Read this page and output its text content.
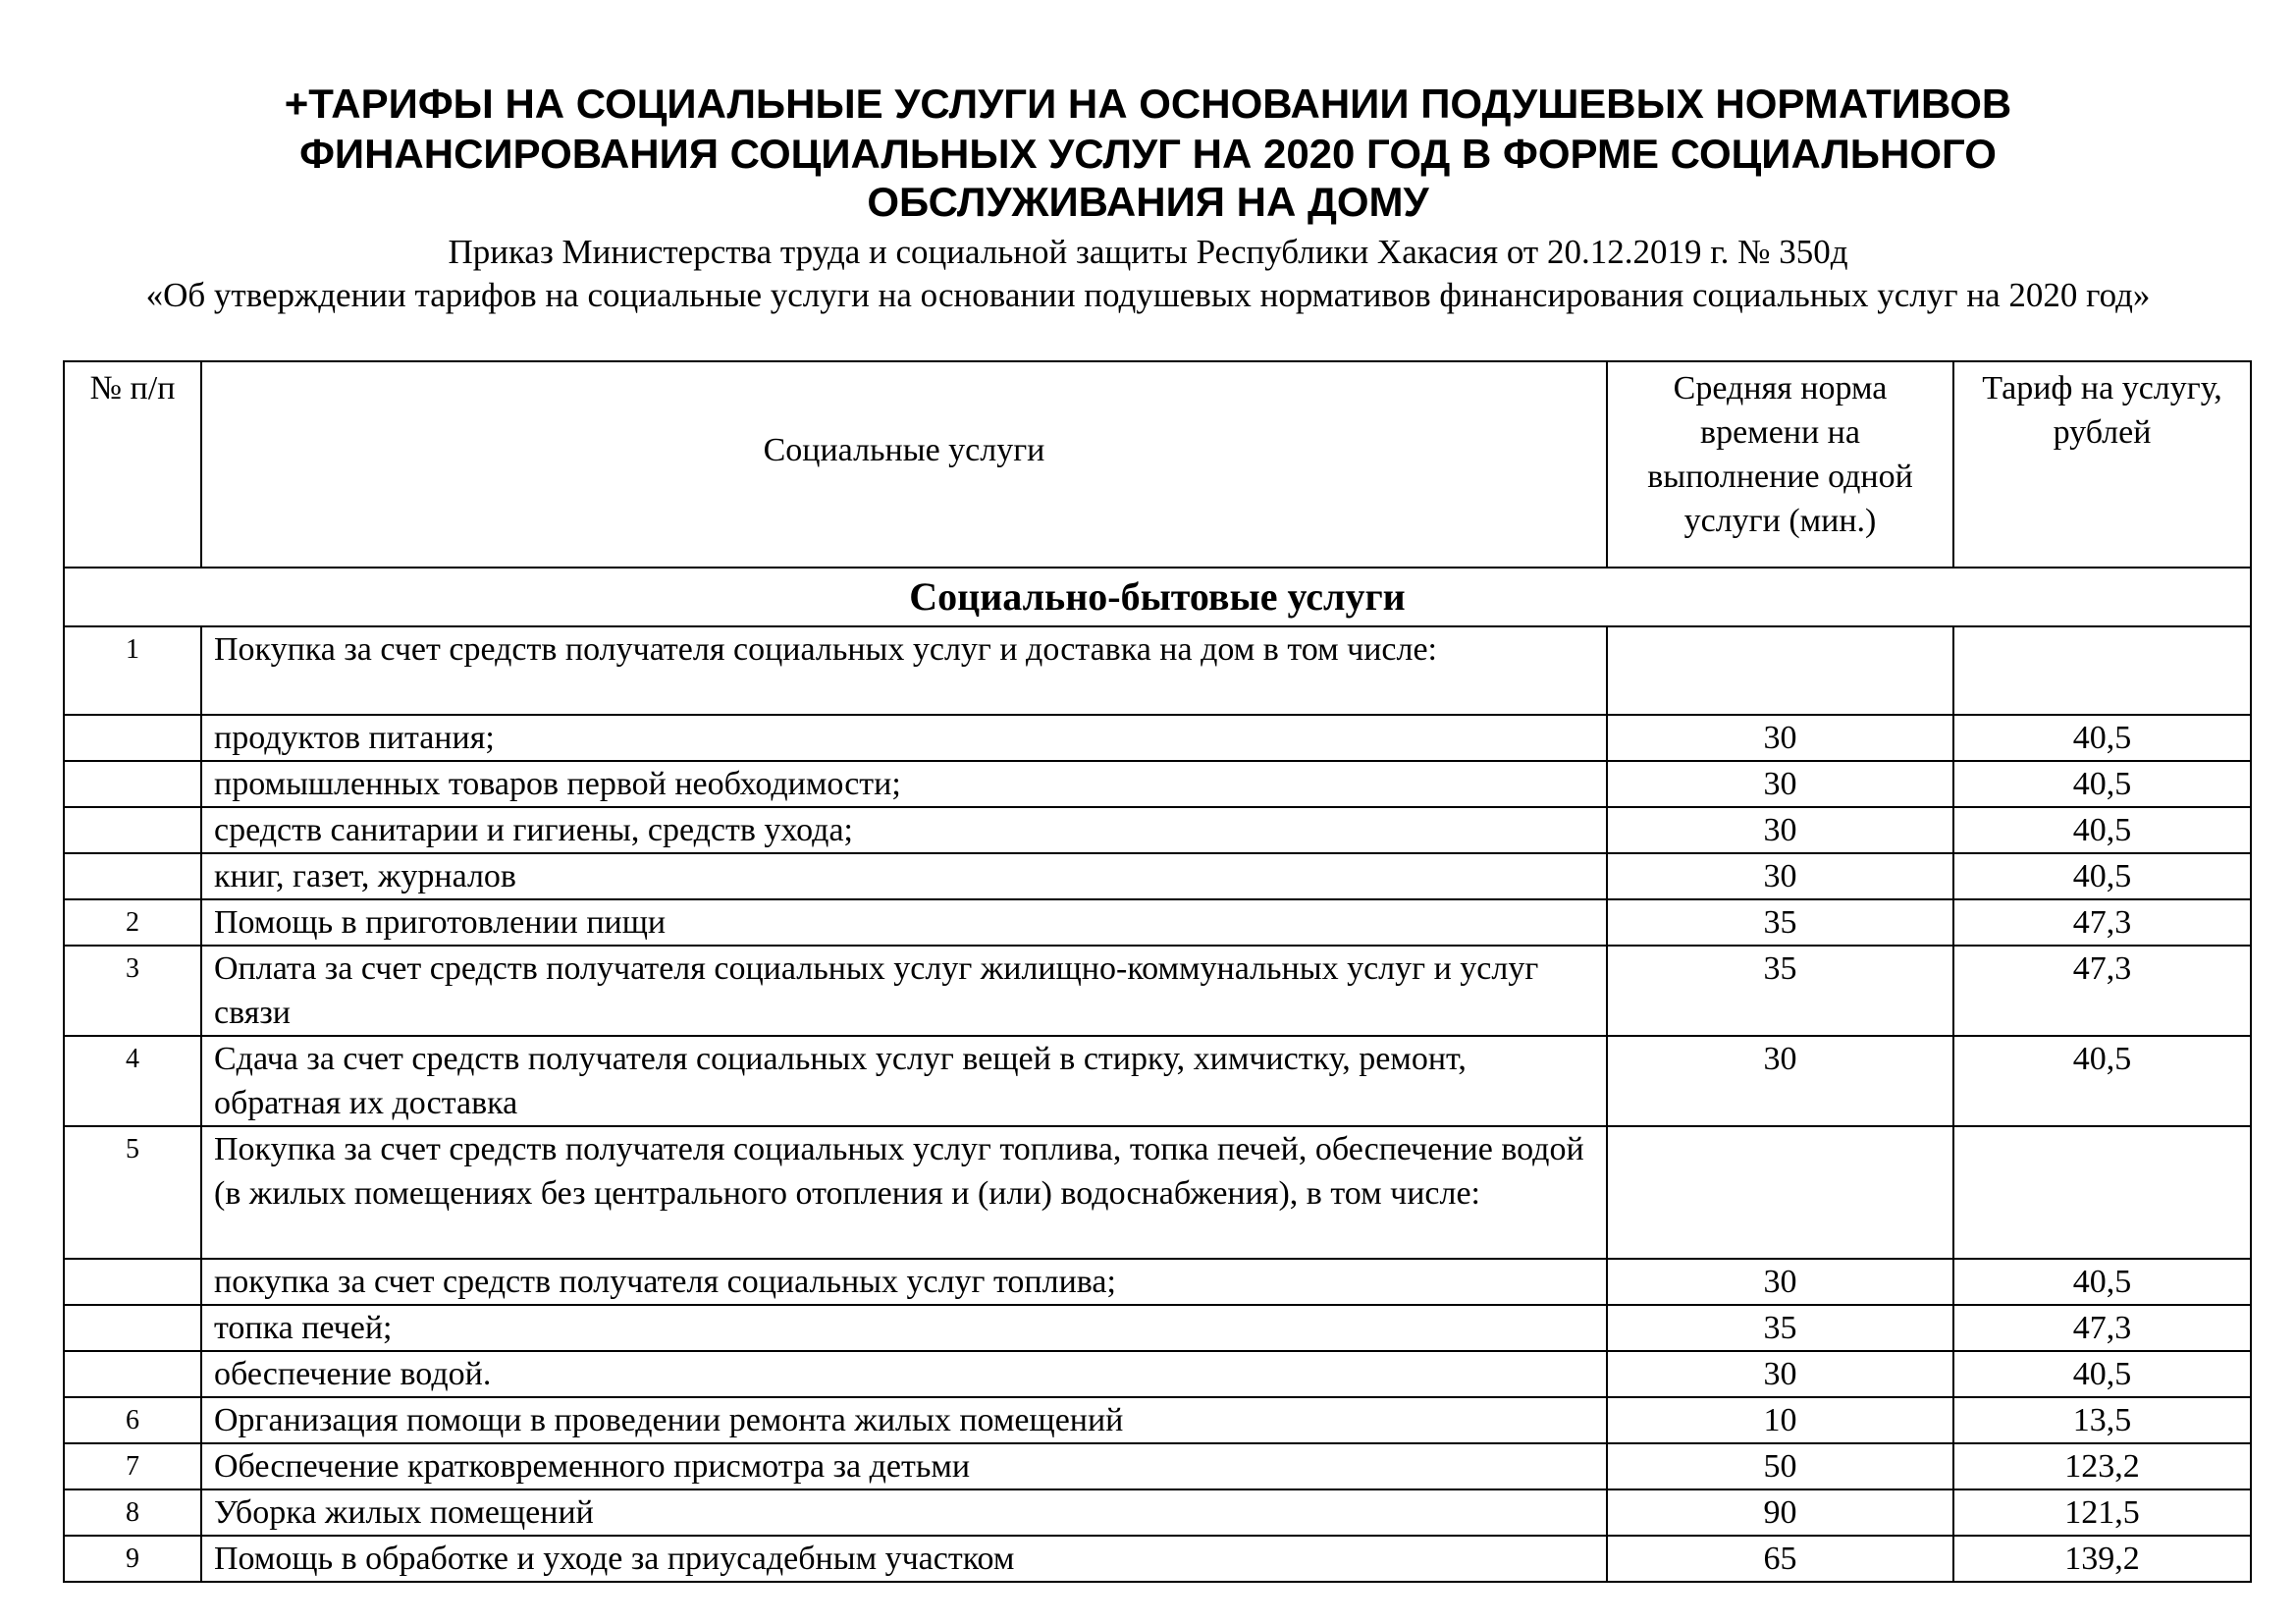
+ТАРИФЫ НА СОЦИАЛЬНЫЕ УСЛУГИ НА ОСНОВАНИИ ПОДУШЕВЫХ НОРМАТИВОВ
ФИНАНСИРОВАНИЯ СОЦИАЛЬНЫХ УСЛУГ НА 2020 ГОД В ФОРМЕ СОЦИАЛЬНОГО
ОБСЛУЖИВАНИЯ НА ДОМУ
Приказ Министерства труда и социальной защиты Республики Хакасия от 20.12.2019 г. № 350д
«Об утверждении тарифов на социальные услуги на основании подушевых нормативов финансирования социальных услуг на 2020 год»
№ п/п	Социальные услуги	Средняя норма времени на выполнение одной услуги (мин.)	Тариф на услугу, рублей
Социально-бытовые услуги			
1	Покупка за счет средств получателя социальных услуг и доставка на дом в том числе:		
	продуктов питания;	30	40,5
	промышленных товаров первой необходимости;	30	40,5
	средств санитарии и гигиены, средств ухода;	30	40,5
	книг, газет, журналов	30	40,5
2	Помощь в приготовлении пищи	35	47,3
3	Оплата за счет средств получателя социальных услуг жилищно-коммунальных услуг и услуг связи	35	47,3
4	Сдача за счет средств получателя социальных услуг вещей в стирку, химчистку, ремонт, обратная их доставка	30	40,5
5	Покупка за счет средств получателя социальных услуг топлива, топка печей, обеспечение водой (в жилых помещениях без центрального отопления и (или) водоснабжения), в том числе:		
	покупка за счет средств получателя социальных услуг топлива;	30	40,5
	топка печей;	35	47,3
	обеспечение водой.	30	40,5
6	Организация помощи в проведении ремонта жилых помещений	10	13,5
7	Обеспечение кратковременного присмотра за детьми	50	123,2
8	Уборка жилых помещений	90	121,5
9	Помощь в обработке и уходе за приусадебным участком	65	139,2
